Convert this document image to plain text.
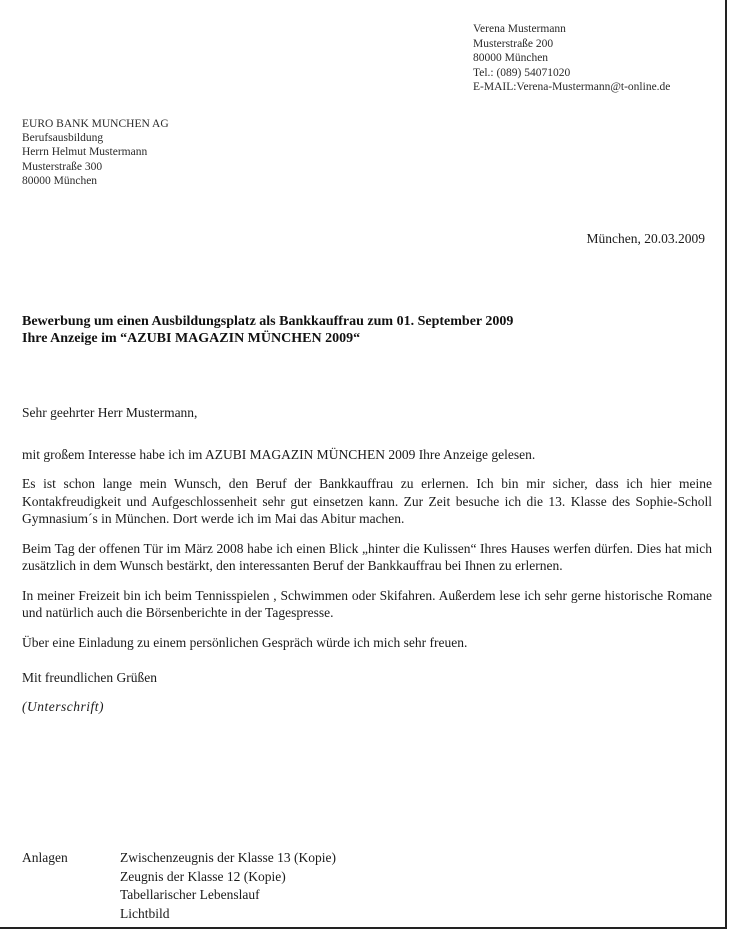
Verena Mustermann
Musterstraße 200
80000 München
Tel.: (089) 54071020
E-MAIL:Verena-Mustermann@t-online.de
EURO BANK MUNCHEN AG
Berufsausbildung
Herrn Helmut Mustermann
Musterstraße 300
80000 München
München, 20.03.2009
Bewerbung um einen Ausbildungsplatz als Bankkauffrau zum 01. September 2009
Ihre Anzeige im “AZUBI MAGAZIN MÜNCHEN 2009“

Sehr geehrter Herr Mustermann,

mit großem Interesse habe ich im AZUBI MAGAZIN MÜNCHEN 2009 Ihre Anzeige gelesen.

Es ist schon lange mein Wunsch, den Beruf der Bankkauffrau zu erlernen. Ich bin mir sicher, dass ich hier meine Kontakfreudigkeit und Aufgeschlossenheit sehr gut einsetzen kann. Zur Zeit besuche ich die 13. Klasse des Sophie-Scholl Gymnasium´s in München. Dort werde ich im Mai das Abitur machen.

Beim Tag der offenen Tür im März 2008 habe ich einen Blick „hinter die Kulissen“ Ihres Hauses werfen dürfen. Dies hat mich zusätzlich in dem Wunsch bestärkt, den interessanten Beruf der Bankkauffrau bei Ihnen zu erlernen.

In meiner Freizeit bin ich beim Tennisspielen , Schwimmen oder Skifahren. Außerdem lese ich sehr gerne historische Romane und natürlich auch die Börsenberichte in der Tagespresse.

Über eine Einladung zu einem persönlichen Gespräch würde ich mich sehr freuen.

Mit freundlichen Grüßen
(Unterschrift)
Anlagen	Zwischenzeugnis der Klasse 13 (Kopie)
Zeugnis der Klasse 12 (Kopie)
Tabellarischer Lebenslauf
Lichtbild
